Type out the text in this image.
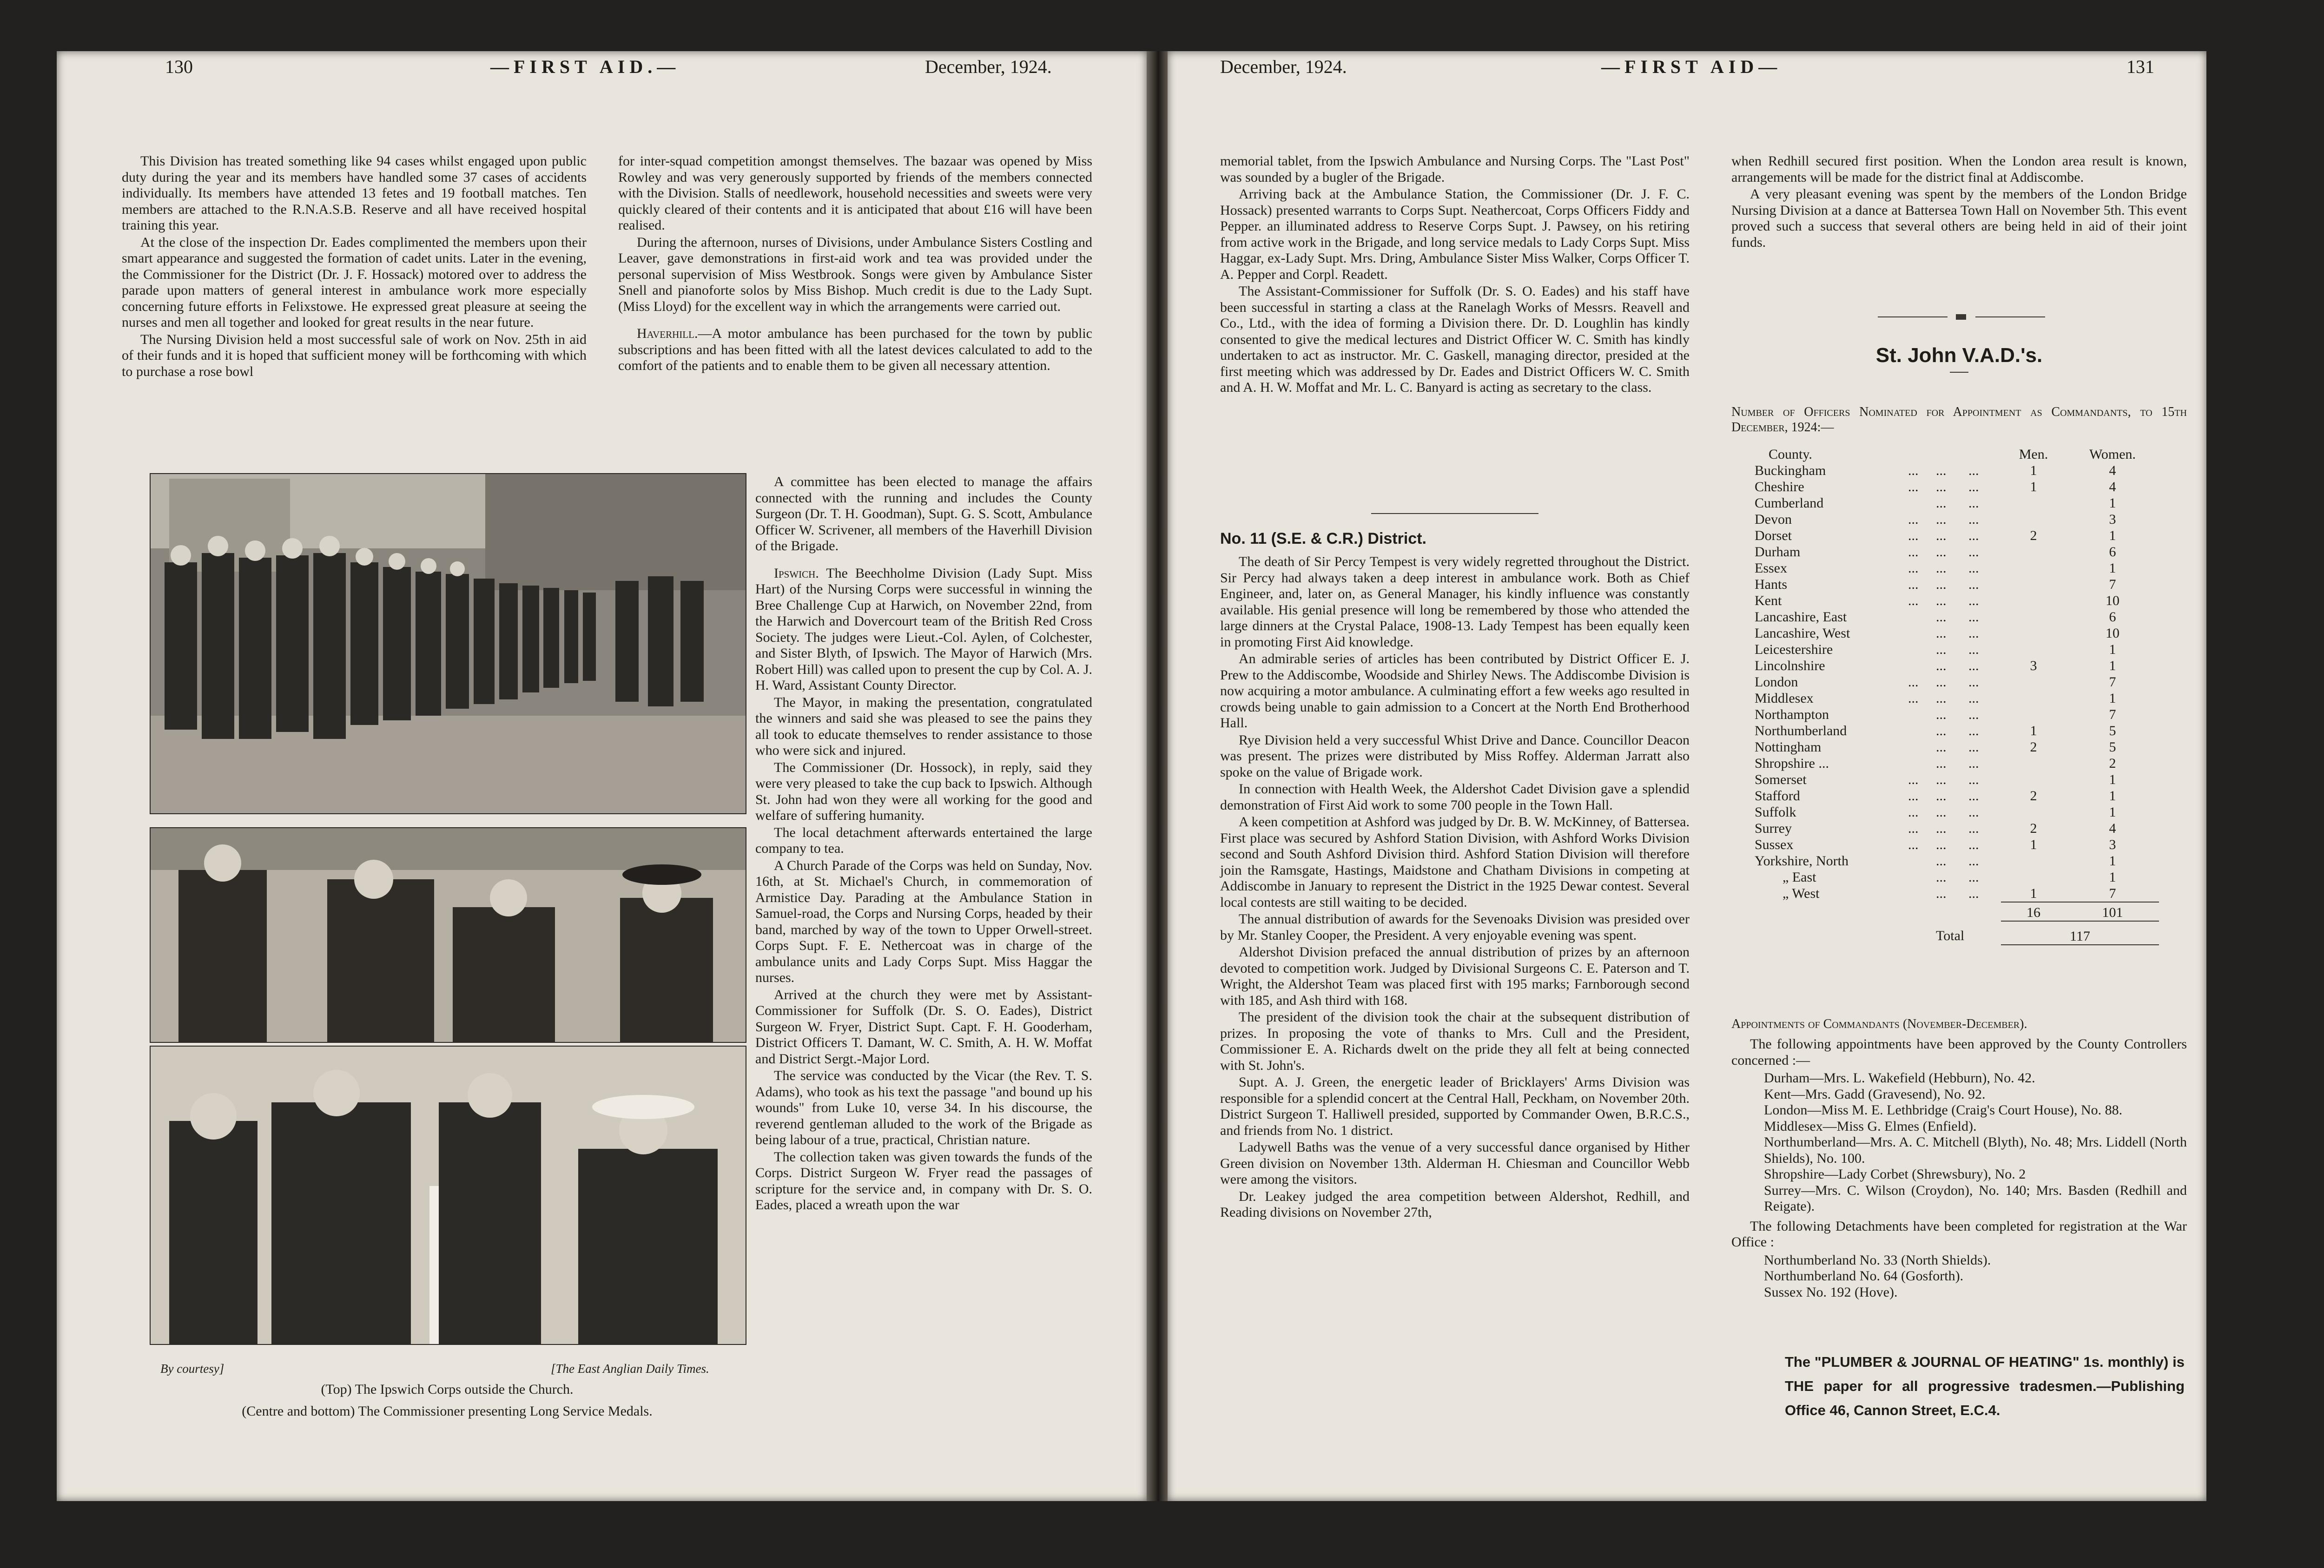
130	—FIRST AID.—	December, 1924.

This Division has treated something like 94 cases whilst engaged upon public duty during the year and its members have handled some 37 cases of accidents individually. Its members have attended 13 fetes and 19 football matches. Ten members are attached to the R.N.A.S.B. Reserve and all have received hospital training this year.

At the close of the inspection Dr. Eades complimented the members upon their smart appearance and suggested the formation of cadet units. Later in the evening, the Commissioner for the District (Dr. J. F. Hossack) motored over to address the parade upon matters of general interest in ambulance work more especially concerning future efforts in Felixstowe. He expressed great pleasure at seeing the nurses and men all together and looked for great results in the near future.

The Nursing Division held a most successful sale of work on Nov. 25th in aid of their funds and it is hoped that sufficient money will be forthcoming with which to purchase a rose bowl

By courtesy]	[The East Anglian Daily Times.
(Top) The Ipswich Corps outside the Church.
(Centre and bottom) The Commissioner presenting Long Service Medals.

for inter-squad competition amongst themselves. The bazaar was opened by Miss Rowley and was very generously supported by friends of the members connected with the Division. Stalls of needlework, household necessities and sweets were very quickly cleared of their contents and it is anticipated that about £16 will have been realised.

During the afternoon, nurses of Divisions, under Ambulance Sisters Costling and Leaver, gave demonstrations in first-aid work and tea was provided under the personal supervision of Miss Westbrook. Songs were given by Ambulance Sister Snell and pianoforte solos by Miss Bishop. Much credit is due to the Lady Supt. (Miss Lloyd) for the excellent way in which the arrangements were carried out.

Haverhill.—A motor ambulance has been purchased for the town by public subscriptions and has been fitted with all the latest devices calculated to add to the comfort of the patients and to enable them to be given all necessary attention.

A committee has been elected to manage the affairs connected with the running and includes the County Surgeon (Dr. T. H. Goodman), Supt. G. S. Scott, Ambulance Officer W. Scrivener, all members of the Haverhill Division of the Brigade.

Ipswich. The Beechholme Division (Lady Supt. Miss Hart) of the Nursing Corps were successful in winning the Bree Challenge Cup at Harwich, on November 22nd, from the Harwich and Dovercourt team of the British Red Cross Society. The judges were Lieut.-Col. Aylen, of Colchester, and Sister Blyth, of Ipswich. The Mayor of Harwich (Mrs. Robert Hill) was called upon to present the cup by Col. A. J. H. Ward, Assistant County Director.

The Mayor, in making the presentation, congratulated the winners and said she was pleased to see the pains they all took to educate themselves to render assistance to those who were sick and injured.

The Commissioner (Dr. Hossock), in reply, said they were very pleased to take the cup back to Ipswich. Although St. John had won they were all working for the good and welfare of suffering humanity.

The local detachment afterwards entertained the large company to tea.

A Church Parade of the Corps was held on Sunday, Nov. 16th, at St. Michael's Church, in commemoration of Armistice Day. Parading at the Ambulance Station in Samuel-road, the Corps and Nursing Corps, headed by their band, marched by way of the town to Upper Orwell-street. Corps Supt. F. E. Nethercoat was in charge of the ambulance units and Lady Corps Supt. Miss Haggar the nurses.

Arrived at the church they were met by Assistant-Commissioner for Suffolk (Dr. S. O. Eades), District Surgeon W. Fryer, District Supt. Capt. F. H. Gooderham, District Officers T. Damant, W. C. Smith, A. H. W. Moffat and District Sergt.-Major Lord.

The service was conducted by the Vicar (the Rev. T. S. Adams), who took as his text the passage "and bound up his wounds" from Luke 10, verse 34. In his discourse, the reverend gentleman alluded to the work of the Brigade as being labour of a true, practical, Christian nature.

The collection taken was given towards the funds of the Corps. District Surgeon W. Fryer read the passages of scripture for the service and, in company with Dr. S. O. Eades, placed a wreath upon the war

December, 1924.	—FIRST AID—	131

memorial tablet, from the Ipswich Ambulance and Nursing Corps. The "Last Post" was sounded by a bugler of the Brigade.

Arriving back at the Ambulance Station, the Commissioner (Dr. J. F. C. Hossack) presented warrants to Corps Supt. Neathercoat, Corps Officers Fiddy and Pepper. an illuminated address to Reserve Corps Supt. J. Pawsey, on his retiring from active work in the Brigade, and long service medals to Lady Corps Supt. Miss Haggar, ex-Lady Supt. Mrs. Dring, Ambulance Sister Miss Walker, Corps Officer T. A. Pepper and Corpl. Readett.

The Assistant-Commissioner for Suffolk (Dr. S. O. Eades) and his staff have been successful in starting a class at the Ranelagh Works of Messrs. Reavell and Co., Ltd., with the idea of forming a Division there. Dr. D. Loughlin has kindly consented to give the medical lectures and District Officer W. C. Smith has kindly undertaken to act as instructor. Mr. C. Gaskell, managing director, presided at the first meeting which was addressed by Dr. Eades and District Officers W. C. Smith and A. H. W. Moffat and Mr. L. C. Banyard is acting as secretary to the class.

No. 11 (S.E. & C.R.) District.

The death of Sir Percy Tempest is very widely regretted throughout the District. Sir Percy had always taken a deep interest in ambulance work. Both as Chief Engineer, and, later on, as General Manager, his kindly influence was constantly available. His genial presence will long be remembered by those who attended the large dinners at the Crystal Palace, 1908-13. Lady Tempest has been equally keen in promoting First Aid knowledge.

An admirable series of articles has been contributed by District Officer E. J. Prew to the Addiscombe, Woodside and Shirley News. The Addiscombe Division is now acquiring a motor ambulance. A culminating effort a few weeks ago resulted in crowds being unable to gain admission to a Concert at the North End Brotherhood Hall.

Rye Division held a very successful Whist Drive and Dance. Councillor Deacon was present. The prizes were distributed by Miss Roffey. Alderman Jarratt also spoke on the value of Brigade work.

In connection with Health Week, the Aldershot Cadet Division gave a splendid demonstration of First Aid work to some 700 people in the Town Hall.

A keen competition at Ashford was judged by Dr. B. W. McKinney, of Battersea. First place was secured by Ashford Station Division, with Ashford Works Division second and South Ashford Division third. Ashford Station Division will therefore join the Ramsgate, Hastings, Maidstone and Chatham Divisions in competing at Addiscombe in January to represent the District in the 1925 Dewar contest. Several local contests are still waiting to be decided.

The annual distribution of awards for the Sevenoaks Division was presided over by Mr. Stanley Cooper, the President. A very enjoyable evening was spent.

Aldershot Division prefaced the annual distribution of prizes by an afternoon devoted to competition work. Judged by Divisional Surgeons C. E. Paterson and T. Wright, the Aldershot Team was placed first with 195 marks; Farnborough second with 185, and Ash third with 168.

The president of the division took the chair at the subsequent distribution of prizes. In proposing the vote of thanks to Mrs. Cull and the President, Commissioner E. A. Richards dwelt on the pride they all felt at being connected with St. John's.

Supt. A. J. Green, the energetic leader of Bricklayers' Arms Division was responsible for a splendid concert at the Central Hall, Peckham, on November 20th. District Surgeon T. Halliwell presided, supported by Commander Owen, B.R.C.S., and friends from No. 1 district.

Ladywell Baths was the venue of a very successful dance organised by Hither Green division on November 13th. Alderman H. Chiesman and Councillor Webb were among the visitors.

Dr. Leakey judged the area competition between Aldershot, Redhill, and Reading divisions on November 27th,

when Redhill secured first position. When the London area result is known, arrangements will be made for the district final at Addiscombe.

A very pleasant evening was spent by the members of the London Bridge Nursing Division at a dance at Battersea Town Hall on November 5th. This event proved such a success that several others are being held in aid of their joint funds.

St. John V.A.D.'s.
Number of Officers Nominated for Appointment as Commandants, to 15th December, 1924:—
County.				Men.	Women.
Buckingham	...	...	...	1	4
Cheshire	...	...	...	1	4
Cumberland		...	...		1
Devon	...	...	...		3
Dorset	...	...	...	2	1
Durham	...	...	...		6
Essex	...	...	...		1
Hants	...	...	...		7
Kent	...	...	...		10
Lancashire, East		...	...		6
Lancashire, West		...	...		10
Leicestershire		...	...		1
Lincolnshire		...	...	3	1
London	...	...	...		7
Middlesex	...	...	...		1
Northampton		...	...		7
Northumberland		...	...	1	5
Nottingham		...	...	2	5
Shropshire ...		...	...		2
Somerset	...	...	...		1
Stafford	...	...	...	2	1
Suffolk	...	...	...		1
Surrey	...	...	...	2	4
Sussex	...	...	...	1	3
Yorkshire, North		...	...		1
„ East		...	...		1
„ West		...	...	1	7
				16	101
		Total		117	
Appointments of Commandants (November-December).

The following appointments have been approved by the County Controllers concerned :—

Durham—Mrs. L. Wakefield (Hebburn), No. 42.
Kent—Mrs. Gadd (Gravesend), No. 92.
London—Miss M. E. Lethbridge (Craig's Court House), No. 88.
Middlesex—Miss G. Elmes (Enfield).
Northumberland—Mrs. A. C. Mitchell (Blyth), No. 48; Mrs. Liddell (North Shields), No. 100.
Shropshire—Lady Corbet (Shrewsbury), No. 2
Surrey—Mrs. C. Wilson (Croydon), No. 140; Mrs. Basden (Redhill and Reigate).

The following Detachments have been completed for registration at the War Office :

Northumberland No. 33 (North Shields).
Northumberland No. 64 (Gosforth).
Sussex No. 192 (Hove).
The "PLUMBER & JOURNAL OF HEATING" 1s. monthly) is THE paper for all progressive tradesmen.—Publishing Office 46, Cannon Street, E.C.4.
